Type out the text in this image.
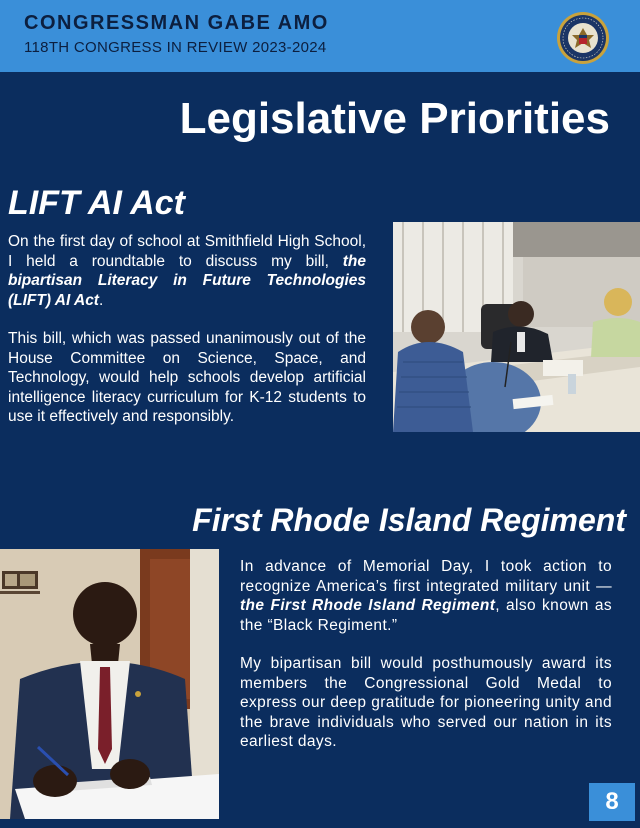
CONGRESSMAN GABE AMO
118TH CONGRESS IN REVIEW 2023-2024
Legislative Priorities
LIFT AI Act

On the first day of school at Smithfield High School, I held a roundtable to discuss my bill, the bipartisan Literacy in Future Technologies (LIFT) AI Act.

This bill, which was passed unanimously out of the House Committee on Science, Space, and Technology, would help schools develop artificial intelligence literacy curriculum for K-12 students to use it effectively and responsibly.

First Rhode Island Regiment

In advance of Memorial Day, I took action to recognize America’s first integrated military unit — the First Rhode Island Regiment, also known as the “Black Regiment.”

My bipartisan bill would posthumously award its members the Congressional Gold Medal to express our deep gratitude for pioneering unity and the brave individuals who served our nation in its earliest days.

8
